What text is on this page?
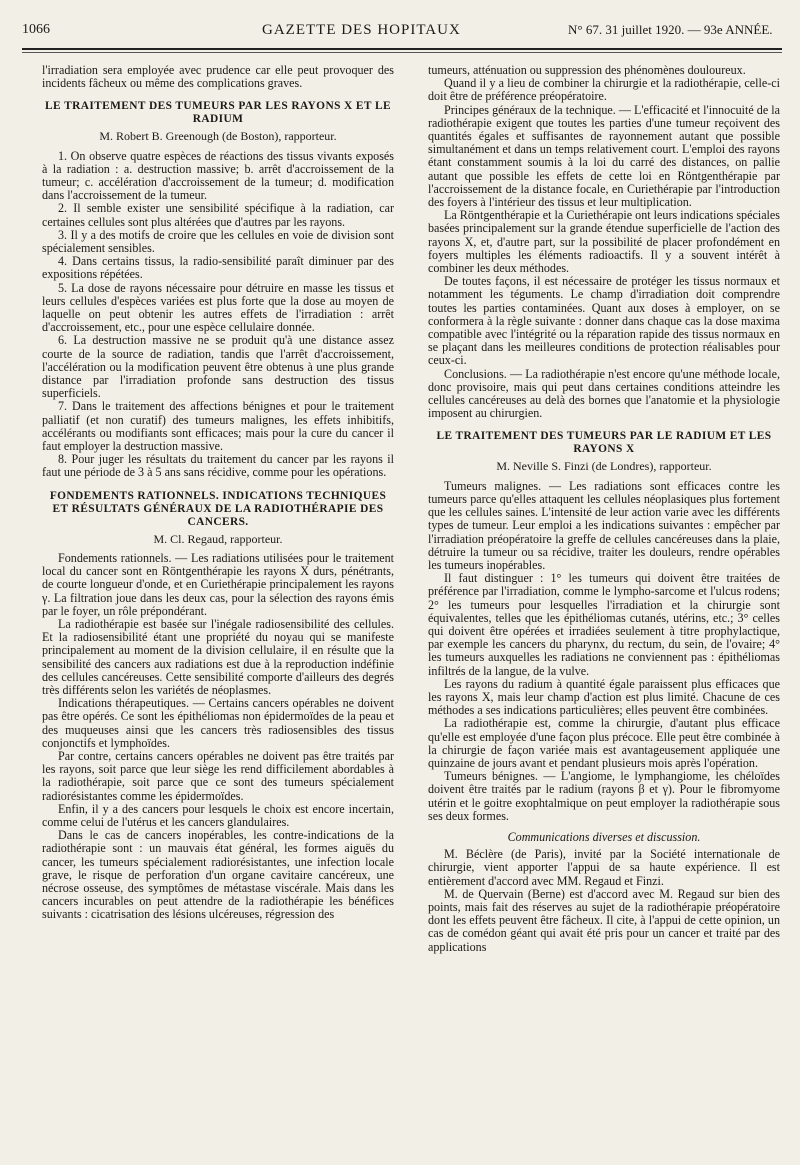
1066	GAZETTE DES HOPITAUX	N° 67. 31 juillet 1920. — 93e ANNÉE.

l'irradiation sera employée avec prudence car elle peut provoquer des incidents fâcheux ou même des complications graves.

LE TRAITEMENT DES TUMEURS PAR LES RAYONS X ET LE RADIUM
M. Robert B. Greenough (de Boston), rapporteur.

1. On observe quatre espèces de réactions des tissus vivants exposés à la radiation : a. destruction massive; b. arrêt d'accroissement de la tumeur; c. accélération d'accroissement de la tumeur; d. modification dans l'accroissement de la tumeur.

2. Il semble exister une sensibilité spécifique à la radiation, car certaines cellules sont plus altérées que d'autres par les rayons.

3. Il y a des motifs de croire que les cellules en voie de division sont spécialement sensibles.

4. Dans certains tissus, la radio-sensibilité paraît diminuer par des expositions répétées.

5. La dose de rayons nécessaire pour détruire en masse les tissus et leurs cellules d'espèces variées est plus forte que la dose au moyen de laquelle on peut obtenir les autres effets de l'irradiation : arrêt d'accroissement, etc., pour une espèce cellulaire donnée.

6. La destruction massive ne se produit qu'à une distance assez courte de la source de radiation, tandis que l'arrêt d'accroissement, l'accélération ou la modification peuvent être obtenus à une plus grande distance par l'irradiation profonde sans destruction des tissus superficiels.

7. Dans le traitement des affections bénignes et pour le traitement palliatif (et non curatif) des tumeurs malignes, les effets inhibitifs, accélérants ou modifiants sont efficaces; mais pour la cure du cancer il faut employer la destruction massive.

8. Pour juger les résultats du traitement du cancer par les rayons il faut une période de 3 à 5 ans sans récidive, comme pour les opérations.

FONDEMENTS RATIONNELS. INDICATIONS TECHNIQUES ET RÉSULTATS GÉNÉRAUX DE LA RADIOTHÉRAPIE DES CANCERS.
M. Cl. Regaud, rapporteur.

Fondements rationnels. — Les radiations utilisées pour le traitement local du cancer sont en Röntgenthérapie les rayons X durs, pénétrants, de courte longueur d'onde, et en Curiethérapie principalement les rayons γ. La filtration joue dans les deux cas, pour la sélection des rayons émis par le foyer, un rôle prépondérant.

La radiothérapie est basée sur l'inégale radiosensibilité des cellules. Et la radiosensibilité étant une propriété du noyau qui se manifeste principalement au moment de la division cellulaire, il en résulte que la sensibilité des cancers aux radiations est due à la reproduction indéfinie des cellules cancéreuses. Cette sensibilité comporte d'ailleurs des degrés très différents selon les variétés de néoplasmes.

Indications thérapeutiques. — Certains cancers opérables ne doivent pas être opérés. Ce sont les épithéliomas non épidermoïdes de la peau et des muqueuses ainsi que les cancers très radiosensibles des tissus conjonctifs et lymphoïdes.

Par contre, certains cancers opérables ne doivent pas être traités par les rayons, soit parce que leur siège les rend difficilement abordables à la radiothérapie, soit parce que ce sont des tumeurs spécialement radiorésistantes comme les épidermoïdes.

Enfin, il y a des cancers pour lesquels le choix est encore incertain, comme celui de l'utérus et les cancers glandulaires.

Dans le cas de cancers inopérables, les contre-indications de la radiothérapie sont : un mauvais état général, les formes aiguës du cancer, les tumeurs spécialement radiorésistantes, une infection locale grave, le risque de perforation d'un organe cavitaire cancéreux, une nécrose osseuse, des symptômes de métastase viscérale. Mais dans les cancers incurables on peut attendre de la radiothérapie les bénéfices suivants : cicatrisation des lésions ulcéreuses, régression des

tumeurs, atténuation ou suppression des phénomènes douloureux.

Quand il y a lieu de combiner la chirurgie et la radiothérapie, celle-ci doit être de préférence préopératoire.

Principes généraux de la technique. — L'efficacité et l'innocuité de la radiothérapie exigent que toutes les parties d'une tumeur reçoivent des quantités égales et suffisantes de rayonnement autant que possible simultanément et dans un temps relativement court. L'emploi des rayons étant constamment soumis à la loi du carré des distances, on pallie autant que possible les effets de cette loi en Röntgenthérapie par l'accroissement de la distance focale, en Curiethérapie par l'introduction des foyers à l'intérieur des tissus et leur multiplication.

La Röntgenthérapie et la Curiethérapie ont leurs indications spéciales basées principalement sur la grande étendue superficielle de l'action des rayons X, et, d'autre part, sur la possibilité de placer profondément en foyers multiples les éléments radioactifs. Il y a souvent intérêt à combiner les deux méthodes.

De toutes façons, il est nécessaire de protéger les tissus normaux et notamment les téguments. Le champ d'irradiation doit comprendre toutes les parties contaminées. Quant aux doses à employer, on se conformera à la règle suivante : donner dans chaque cas la dose maxima compatible avec l'intégrité ou la réparation rapide des tissus normaux en se plaçant dans les meilleures conditions de protection réalisables pour ceux-ci.

Conclusions. — La radiothérapie n'est encore qu'une méthode locale, donc provisoire, mais qui peut dans certaines conditions atteindre les cellules cancéreuses au delà des bornes que l'anatomie et la physiologie imposent au chirurgien.

LE TRAITEMENT DES TUMEURS PAR LE RADIUM ET LES RAYONS X
M. Neville S. Finzi (de Londres), rapporteur.

Tumeurs malignes. — Les radiations sont efficaces contre les tumeurs parce qu'elles attaquent les cellules néoplasiques plus fortement que les cellules saines. L'intensité de leur action varie avec les différents types de tumeur. Leur emploi a les indications suivantes : empêcher par l'irradiation préopératoire la greffe de cellules cancéreuses dans la plaie, détruire la tumeur ou sa récidive, traiter les douleurs, rendre opérables les tumeurs inopérables.

Il faut distinguer : 1° les tumeurs qui doivent être traitées de préférence par l'irradiation, comme le lympho-sarcome et l'ulcus rodens; 2° les tumeurs pour lesquelles l'irradiation et la chirurgie sont équivalentes, telles que les épithéliomas cutanés, utérins, etc.; 3° celles qui doivent être opérées et irradiées seulement à titre prophylactique, par exemple les cancers du pharynx, du rectum, du sein, de l'ovaire; 4° les tumeurs auxquelles les radiations ne conviennent pas : épithéliomas infiltrés de la langue, de la vulve.

Les rayons du radium à quantité égale paraissent plus efficaces que les rayons X, mais leur champ d'action est plus limité. Chacune de ces méthodes a ses indications particulières; elles peuvent être combinées.

La radiothérapie est, comme la chirurgie, d'autant plus efficace qu'elle est employée d'une façon plus précoce. Elle peut être combinée à la chirurgie de façon variée mais est avantageusement appliquée une quinzaine de jours avant et pendant plusieurs mois après l'opération.

Tumeurs bénignes. — L'angiome, le lymphangiome, les chéloïdes doivent être traités par le radium (rayons β et γ). Pour le fibromyome utérin et le goitre exophtalmique on peut employer la radiothérapie sous ses deux formes.

Communications diverses et discussion.

M. Béclère (de Paris), invité par la Société internationale de chirurgie, vient apporter l'appui de sa haute expérience. Il est entièrement d'accord avec MM. Regaud et Finzi.

M. de Quervain (Berne) est d'accord avec M. Regaud sur bien des points, mais fait des réserves au sujet de la radiothérapie préopératoire dont les effets peuvent être fâcheux. Il cite, à l'appui de cette opinion, un cas de comédon géant qui avait été pris pour un cancer et traité par des applications
